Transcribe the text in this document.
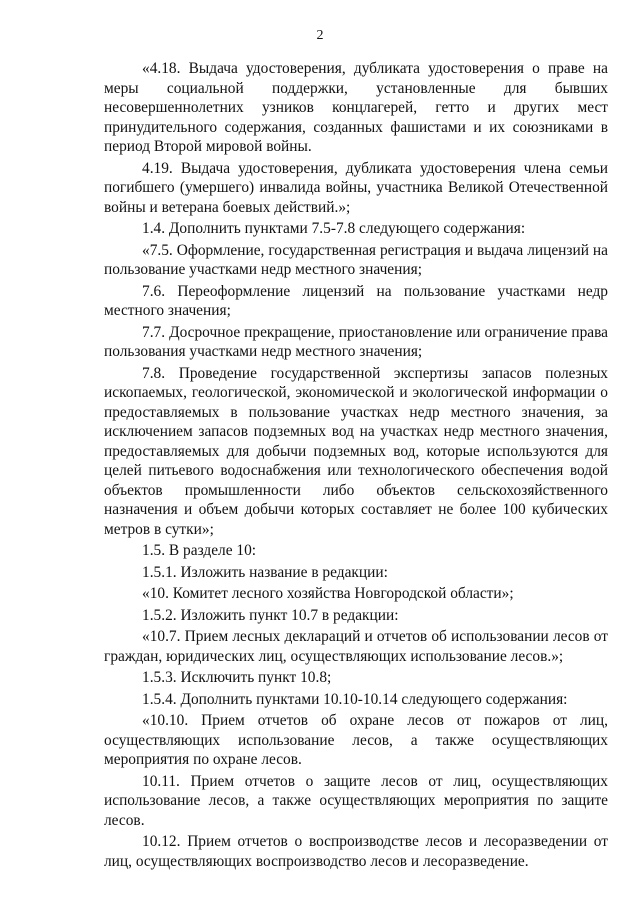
2

«4.18. Выдача удостоверения, дубликата удостоверения о праве на меры социальной поддержки, установленные для бывших несовершеннолетних узников концлагерей, гетто и других мест принудительного содержания, созданных фашистами и их союзниками в период Второй мировой войны.

4.19. Выдача удостоверения, дубликата удостоверения члена семьи погибшего (умершего) инвалида войны, участника Великой Отечественной войны и ветерана боевых действий.»;

1.4. Дополнить пунктами 7.5-7.8 следующего содержания:

«7.5. Оформление, государственная регистрация и выдача лицензий на пользование участками недр местного значения;

7.6. Переоформление лицензий на пользование участками недр местного значения;

7.7. Досрочное прекращение, приостановление или ограничение права пользования участками недр местного значения;

7.8. Проведение государственной экспертизы запасов полезных ископаемых, геологической, экономической и экологической информации о предоставляемых в пользование участках недр местного значения, за исключением запасов подземных вод на участках недр местного значения, предоставляемых для добычи подземных вод, которые используются для целей питьевого водоснабжения или технологического обеспечения водой объектов промышленности либо объектов сельскохозяйственного назначения и объем добычи которых составляет не более 100 кубических метров в сутки»;

1.5. В разделе 10:

1.5.1. Изложить название в редакции:

«10. Комитет лесного хозяйства Новгородской области»;

1.5.2. Изложить пункт 10.7 в редакции:

«10.7. Прием лесных деклараций и отчетов об использовании лесов от граждан, юридических лиц, осуществляющих использование лесов.»;

1.5.3. Исключить пункт 10.8;

1.5.4. Дополнить пунктами 10.10-10.14 следующего содержания:

«10.10. Прием отчетов об охране лесов от пожаров от лиц, осуществляющих использование лесов, а также осуществляющих мероприятия по охране лесов.

10.11. Прием отчетов о защите лесов от лиц, осуществляющих использование лесов, а также осуществляющих мероприятия по защите лесов.

10.12. Прием отчетов о воспроизводстве лесов и лесоразведении от лиц, осуществляющих воспроизводство лесов и лесоразведение.
